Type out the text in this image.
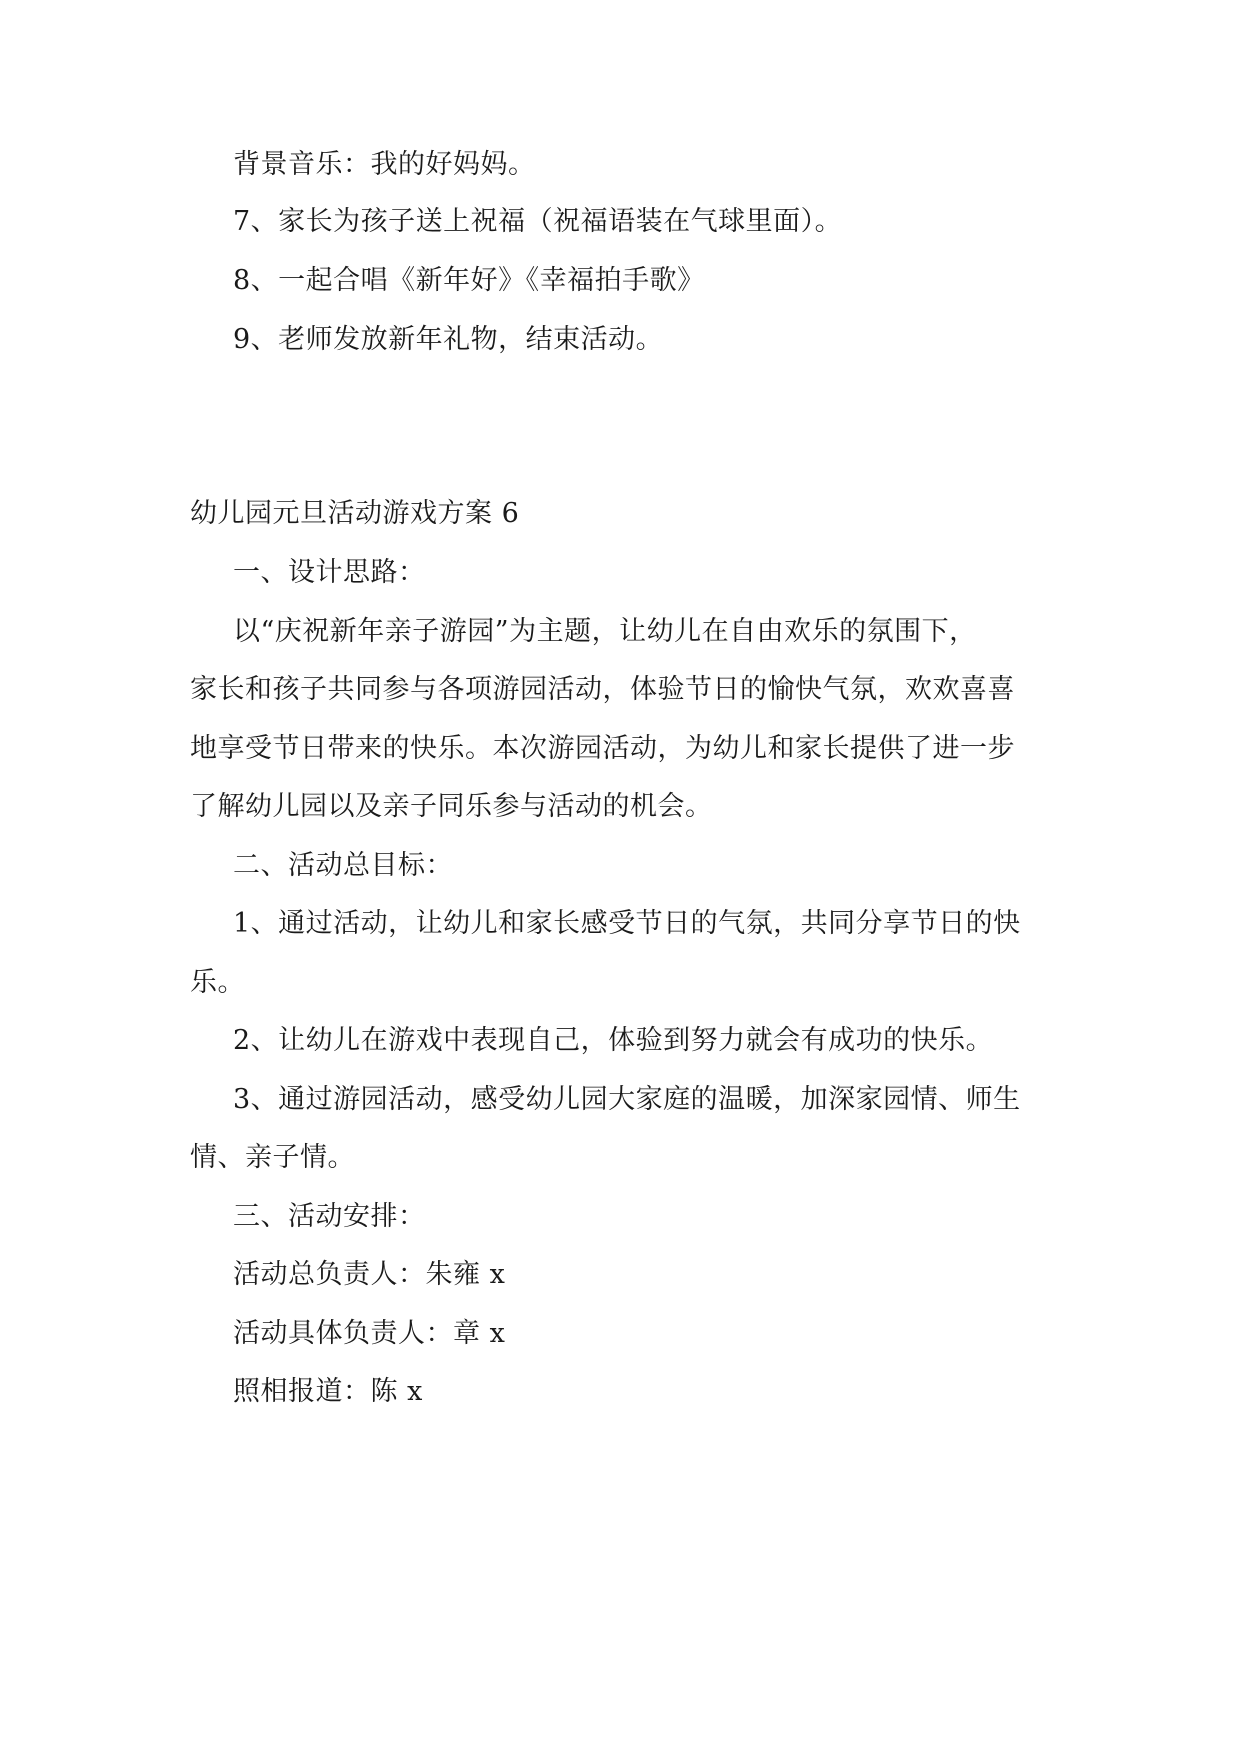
背景音乐：我的好妈妈。
7、家长为孩子送上祝福（祝福语装在气球里面）。
8、一起合唱《新年好》《幸福拍手歌》
9、老师发放新年礼物，结束活动。
幼儿园元旦活动游戏方案 6
一、设计思路：
以“庆祝新年亲子游园”为主题，让幼儿在自由欢乐的氛围下，
家长和孩子共同参与各项游园活动，体验节日的愉快气氛，欢欢喜喜
地享受节日带来的快乐。本次游园活动，为幼儿和家长提供了进一步
了解幼儿园以及亲子同乐参与活动的机会。
二、活动总目标：
1、通过活动，让幼儿和家长感受节日的气氛，共同分享节日的快
乐。
2、让幼儿在游戏中表现自己，体验到努力就会有成功的快乐。
3、通过游园活动，感受幼儿园大家庭的温暖，加深家园情、师生
情、亲子情。
三、活动安排：
活动总负责人：朱雍 x
活动具体负责人：章 x
照相报道：陈 x
